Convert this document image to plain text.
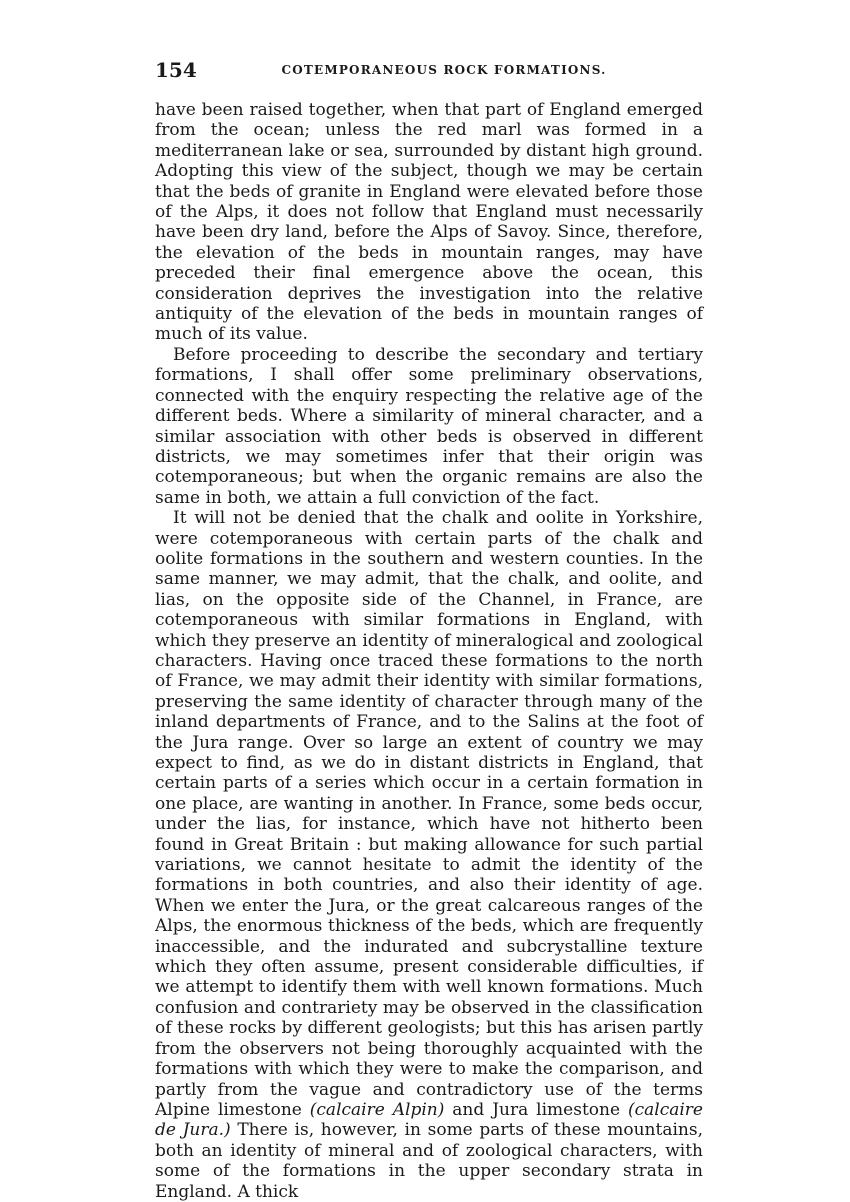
154	COTEMPORANEOUS ROCK FORMATIONS.

have been raised together, when that part of England emerged from the ocean; unless the red marl was formed in a mediterranean lake or sea, surrounded by distant high ground. Adopting this view of the subject, though we may be certain that the beds of granite in England were elevated before those of the Alps, it does not follow that England must necessarily have been dry land, before the Alps of Savoy. Since, therefore, the elevation of the beds in mountain ranges, may have preceded their final emergence above the ocean, this consideration deprives the investigation into the relative antiquity of the elevation of the beds in mountain ranges of much of its value.

Before proceeding to describe the secondary and tertiary formations, I shall offer some preliminary observations, connected with the enquiry respecting the relative age of the different beds. Where a similarity of mineral character, and a similar association with other beds is observed in different districts, we may sometimes infer that their origin was cotemporaneous; but when the organic remains are also the same in both, we attain a full conviction of the fact.

It will not be denied that the chalk and oolite in Yorkshire, were cotemporaneous with certain parts of the chalk and oolite formations in the southern and western counties. In the same manner, we may admit, that the chalk, and oolite, and lias, on the opposite side of the Channel, in France, are cotemporaneous with similar formations in England, with which they preserve an identity of mineralogical and zoological characters. Having once traced these formations to the north of France, we may admit their identity with similar formations, preserving the same identity of character through many of the inland departments of France, and to the Salins at the foot of the Jura range. Over so large an extent of country we may expect to find, as we do in distant districts in England, that certain parts of a series which occur in a certain formation in one place, are wanting in another. In France, some beds occur, under the lias, for instance, which have not hitherto been found in Great Britain : but making allowance for such partial variations, we cannot hesitate to admit the identity of the formations in both countries, and also their identity of age. When we enter the Jura, or the great calcareous ranges of the Alps, the enormous thickness of the beds, which are frequently inaccessible, and the indurated and subcrystalline texture which they often assume, present considerable difficulties, if we attempt to identify them with well known formations. Much confusion and contrariety may be observed in the classification of these rocks by different geologists; but this has arisen partly from the observers not being thoroughly acquainted with the formations with which they were to make the comparison, and partly from the vague and contradictory use of the terms Alpine limestone (calcaire Alpin) and Jura limestone (calcaire de Jura.) There is, however, in some parts of these mountains, both an identity of mineral and of zoological characters, with some of the formations in the upper secondary strata in England. A thick
